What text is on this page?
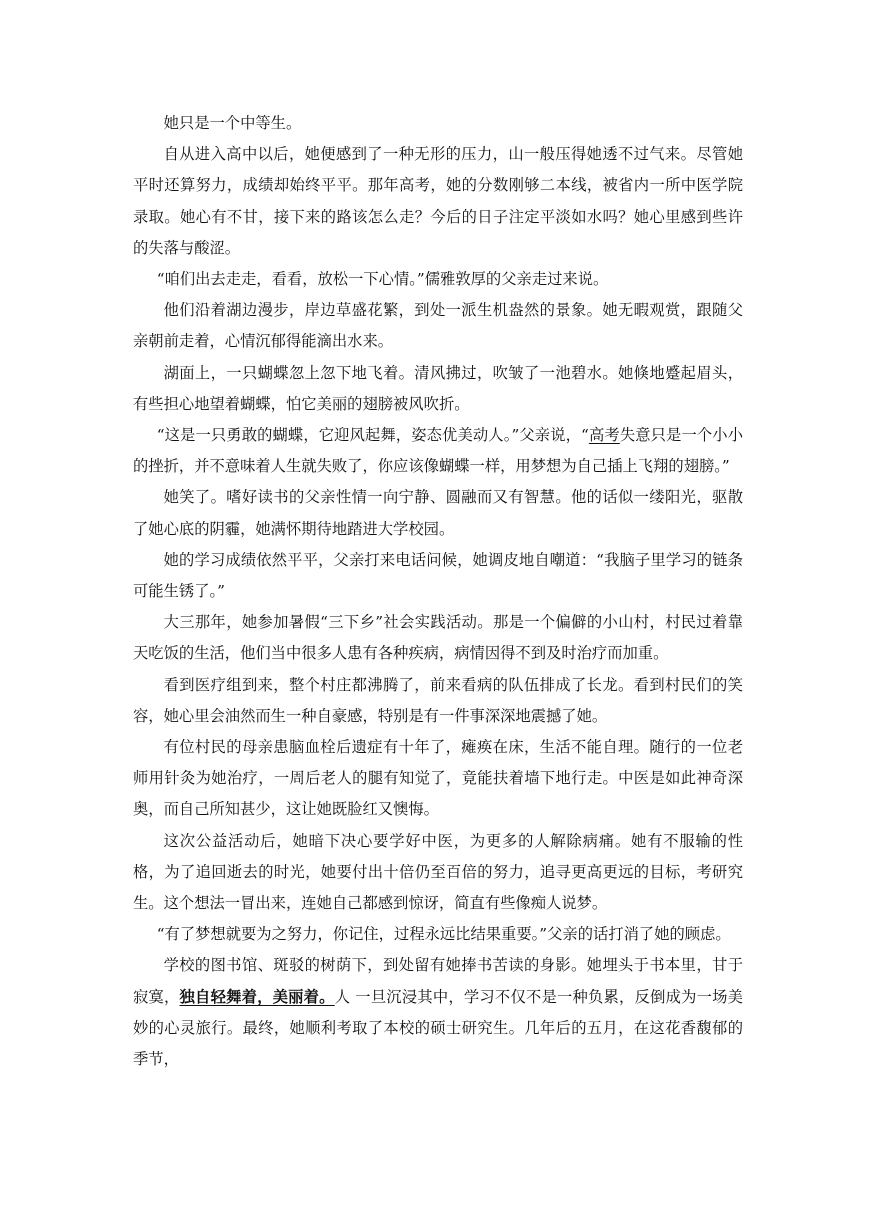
她只是一个中等生。

自从进入高中以后，她便感到了一种无形的压力，山一般压得她透不过气来。尽管她平时还算努力，成绩却始终平平。那年高考，她的分数刚够二本线，被省内一所中医学院录取。她心有不甘，接下来的路该怎么走？今后的日子注定平淡如水吗？她心里感到些许的失落与酸涩。

“咱们出去走走，看看，放松一下心情。”儒雅敦厚的父亲走过来说。

他们沿着湖边漫步，岸边草盛花繁，到处一派生机盎然的景象。她无暇观赏，跟随父亲朝前走着，心情沉郁得能滴出水来。

湖面上，一只蝴蝶忽上忽下地飞着。清风拂过，吹皱了一池碧水。她倏地蹙起眉头，有些担心地望着蝴蝶，怕它美丽的翅膀被风吹折。

“这是一只勇敢的蝴蝶，它迎风起舞，姿态优美动人。”父亲说，“高考失意只是一个小小的挫折，并不意味着人生就失败了，你应该像蝴蝶一样，用梦想为自己插上飞翔的翅膀。”

她笑了。嗜好读书的父亲性情一向宁静、圆融而又有智慧。他的话似一缕阳光，驱散了她心底的阴霾，她满怀期待地踏进大学校园。

她的学习成绩依然平平，父亲打来电话问候，她调皮地自嘲道：“我脑子里学习的链条可能生锈了。”

大三那年，她参加暑假“三下乡”社会实践活动。那是一个偏僻的小山村，村民过着靠天吃饭的生活，他们当中很多人患有各种疾病，病情因得不到及时治疗而加重。

看到医疗组到来，整个村庄都沸腾了，前来看病的队伍排成了长龙。看到村民们的笑容，她心里会油然而生一种自豪感，特别是有一件事深深地震撼了她。

有位村民的母亲患脑血栓后遗症有十年了，瘫痪在床，生活不能自理。随行的一位老师用针灸为她治疗，一周后老人的腿有知觉了，竟能扶着墙下地行走。中医是如此神奇深奥，而自己所知甚少，这让她既脸红又懊悔。

这次公益活动后，她暗下决心要学好中医，为更多的人解除病痛。她有不服输的性格，为了追回逝去的时光，她要付出十倍仍至百倍的努力，追寻更高更远的目标，考研究生。这个想法一冒出来，连她自己都感到惊讶，简直有些像痴人说梦。

“有了梦想就要为之努力，你记住，过程永远比结果重要。”父亲的话打消了她的顾虑。

学校的图书馆、斑驳的树荫下，到处留有她捧书苦读的身影。她埋头于书本里，甘于寂寞，独自轻舞着，美丽着。人 一旦沉浸其中，学习不仅不是一种负累，反倒成为一场美妙的心灵旅行。最终，她顺利考取了本校的硕士研究生。几年后的五月，在这花香馥郁的季节，
